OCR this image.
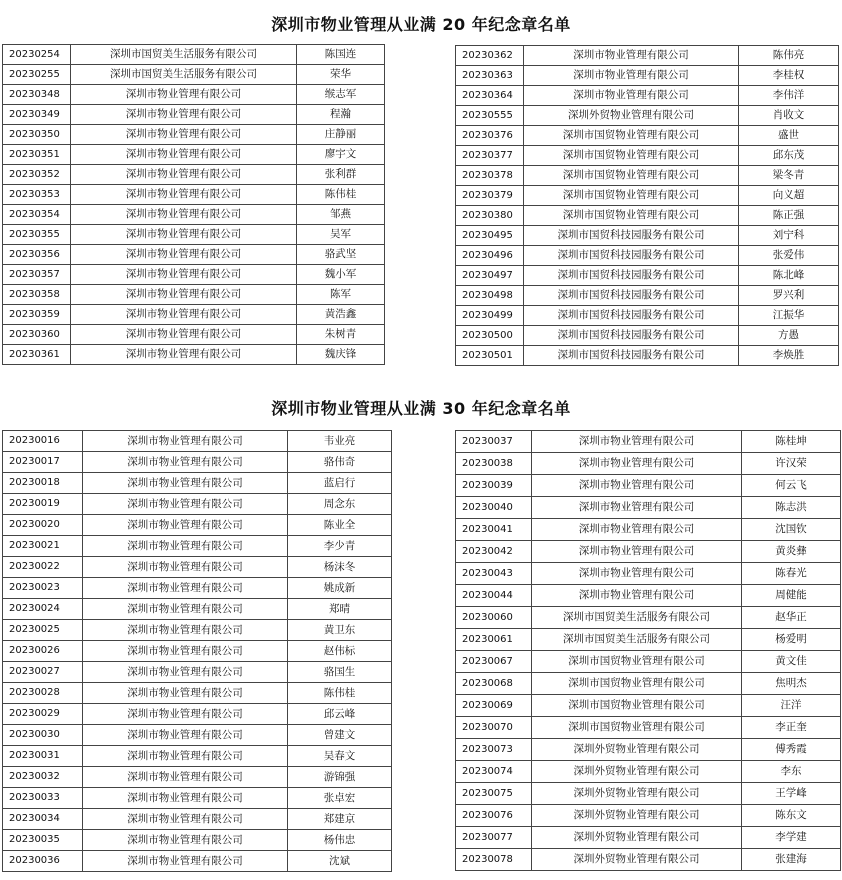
深圳市物业管理从业满 20 年纪念章名单
20230254	深圳市国贸美生活服务有限公司	陈国连
20230255	深圳市国贸美生活服务有限公司	荣华
20230348	深圳市物业管理有限公司	缑志军
20230349	深圳市物业管理有限公司	程瀚
20230350	深圳市物业管理有限公司	庄静丽
20230351	深圳市物业管理有限公司	廖宇文
20230352	深圳市物业管理有限公司	张利群
20230353	深圳市物业管理有限公司	陈伟桂
20230354	深圳市物业管理有限公司	邹燕
20230355	深圳市物业管理有限公司	吴军
20230356	深圳市物业管理有限公司	骆武坚
20230357	深圳市物业管理有限公司	魏小军
20230358	深圳市物业管理有限公司	陈军
20230359	深圳市物业管理有限公司	黄浩鑫
20230360	深圳市物业管理有限公司	朱树青
20230361	深圳市物业管理有限公司	魏庆锋
20230362	深圳市物业管理有限公司	陈伟亮
20230363	深圳市物业管理有限公司	李桂权
20230364	深圳市物业管理有限公司	李伟洋
20230555	深圳外贸物业管理有限公司	肖收文
20230376	深圳市国贸物业管理有限公司	盛世
20230377	深圳市国贸物业管理有限公司	邱东茂
20230378	深圳市国贸物业管理有限公司	梁冬青
20230379	深圳市国贸物业管理有限公司	向义超
20230380	深圳市国贸物业管理有限公司	陈正强
20230495	深圳市国贸科技园服务有限公司	刘宁科
20230496	深圳市国贸科技园服务有限公司	张爱伟
20230497	深圳市国贸科技园服务有限公司	陈北峰
20230498	深圳市国贸科技园服务有限公司	罗兴利
20230499	深圳市国贸科技园服务有限公司	江振华
20230500	深圳市国贸科技园服务有限公司	方愚
20230501	深圳市国贸科技园服务有限公司	李焕胜
深圳市物业管理从业满 30 年纪念章名单
20230016	深圳市物业管理有限公司	韦业亮
20230017	深圳市物业管理有限公司	骆伟奇
20230018	深圳市物业管理有限公司	蓝启行
20230019	深圳市物业管理有限公司	周念东
20230020	深圳市物业管理有限公司	陈业全
20230021	深圳市物业管理有限公司	李少青
20230022	深圳市物业管理有限公司	杨沫冬
20230023	深圳市物业管理有限公司	姚成新
20230024	深圳市物业管理有限公司	郑晴
20230025	深圳市物业管理有限公司	黄卫东
20230026	深圳市物业管理有限公司	赵伟标
20230027	深圳市物业管理有限公司	骆国生
20230028	深圳市物业管理有限公司	陈伟桂
20230029	深圳市物业管理有限公司	邱云峰
20230030	深圳市物业管理有限公司	曾建文
20230031	深圳市物业管理有限公司	吴春文
20230032	深圳市物业管理有限公司	游锦强
20230033	深圳市物业管理有限公司	张卓宏
20230034	深圳市物业管理有限公司	郑建京
20230035	深圳市物业管理有限公司	杨伟忠
20230036	深圳市物业管理有限公司	沈斌
20230037	深圳市物业管理有限公司	陈桂坤
20230038	深圳市物业管理有限公司	许汉荣
20230039	深圳市物业管理有限公司	何云飞
20230040	深圳市物业管理有限公司	陈志洪
20230041	深圳市物业管理有限公司	沈国钦
20230042	深圳市物业管理有限公司	黄炎彝
20230043	深圳市物业管理有限公司	陈春光
20230044	深圳市物业管理有限公司	周健能
20230060	深圳市国贸美生活服务有限公司	赵华正
20230061	深圳市国贸美生活服务有限公司	杨爱明
20230067	深圳市国贸物业管理有限公司	黄文佳
20230068	深圳市国贸物业管理有限公司	焦明杰
20230069	深圳市国贸物业管理有限公司	汪洋
20230070	深圳市国贸物业管理有限公司	李正奎
20230073	深圳外贸物业管理有限公司	傅秀霞
20230074	深圳外贸物业管理有限公司	李东
20230075	深圳外贸物业管理有限公司	王学峰
20230076	深圳外贸物业管理有限公司	陈东文
20230077	深圳外贸物业管理有限公司	李学建
20230078	深圳外贸物业管理有限公司	张建海
